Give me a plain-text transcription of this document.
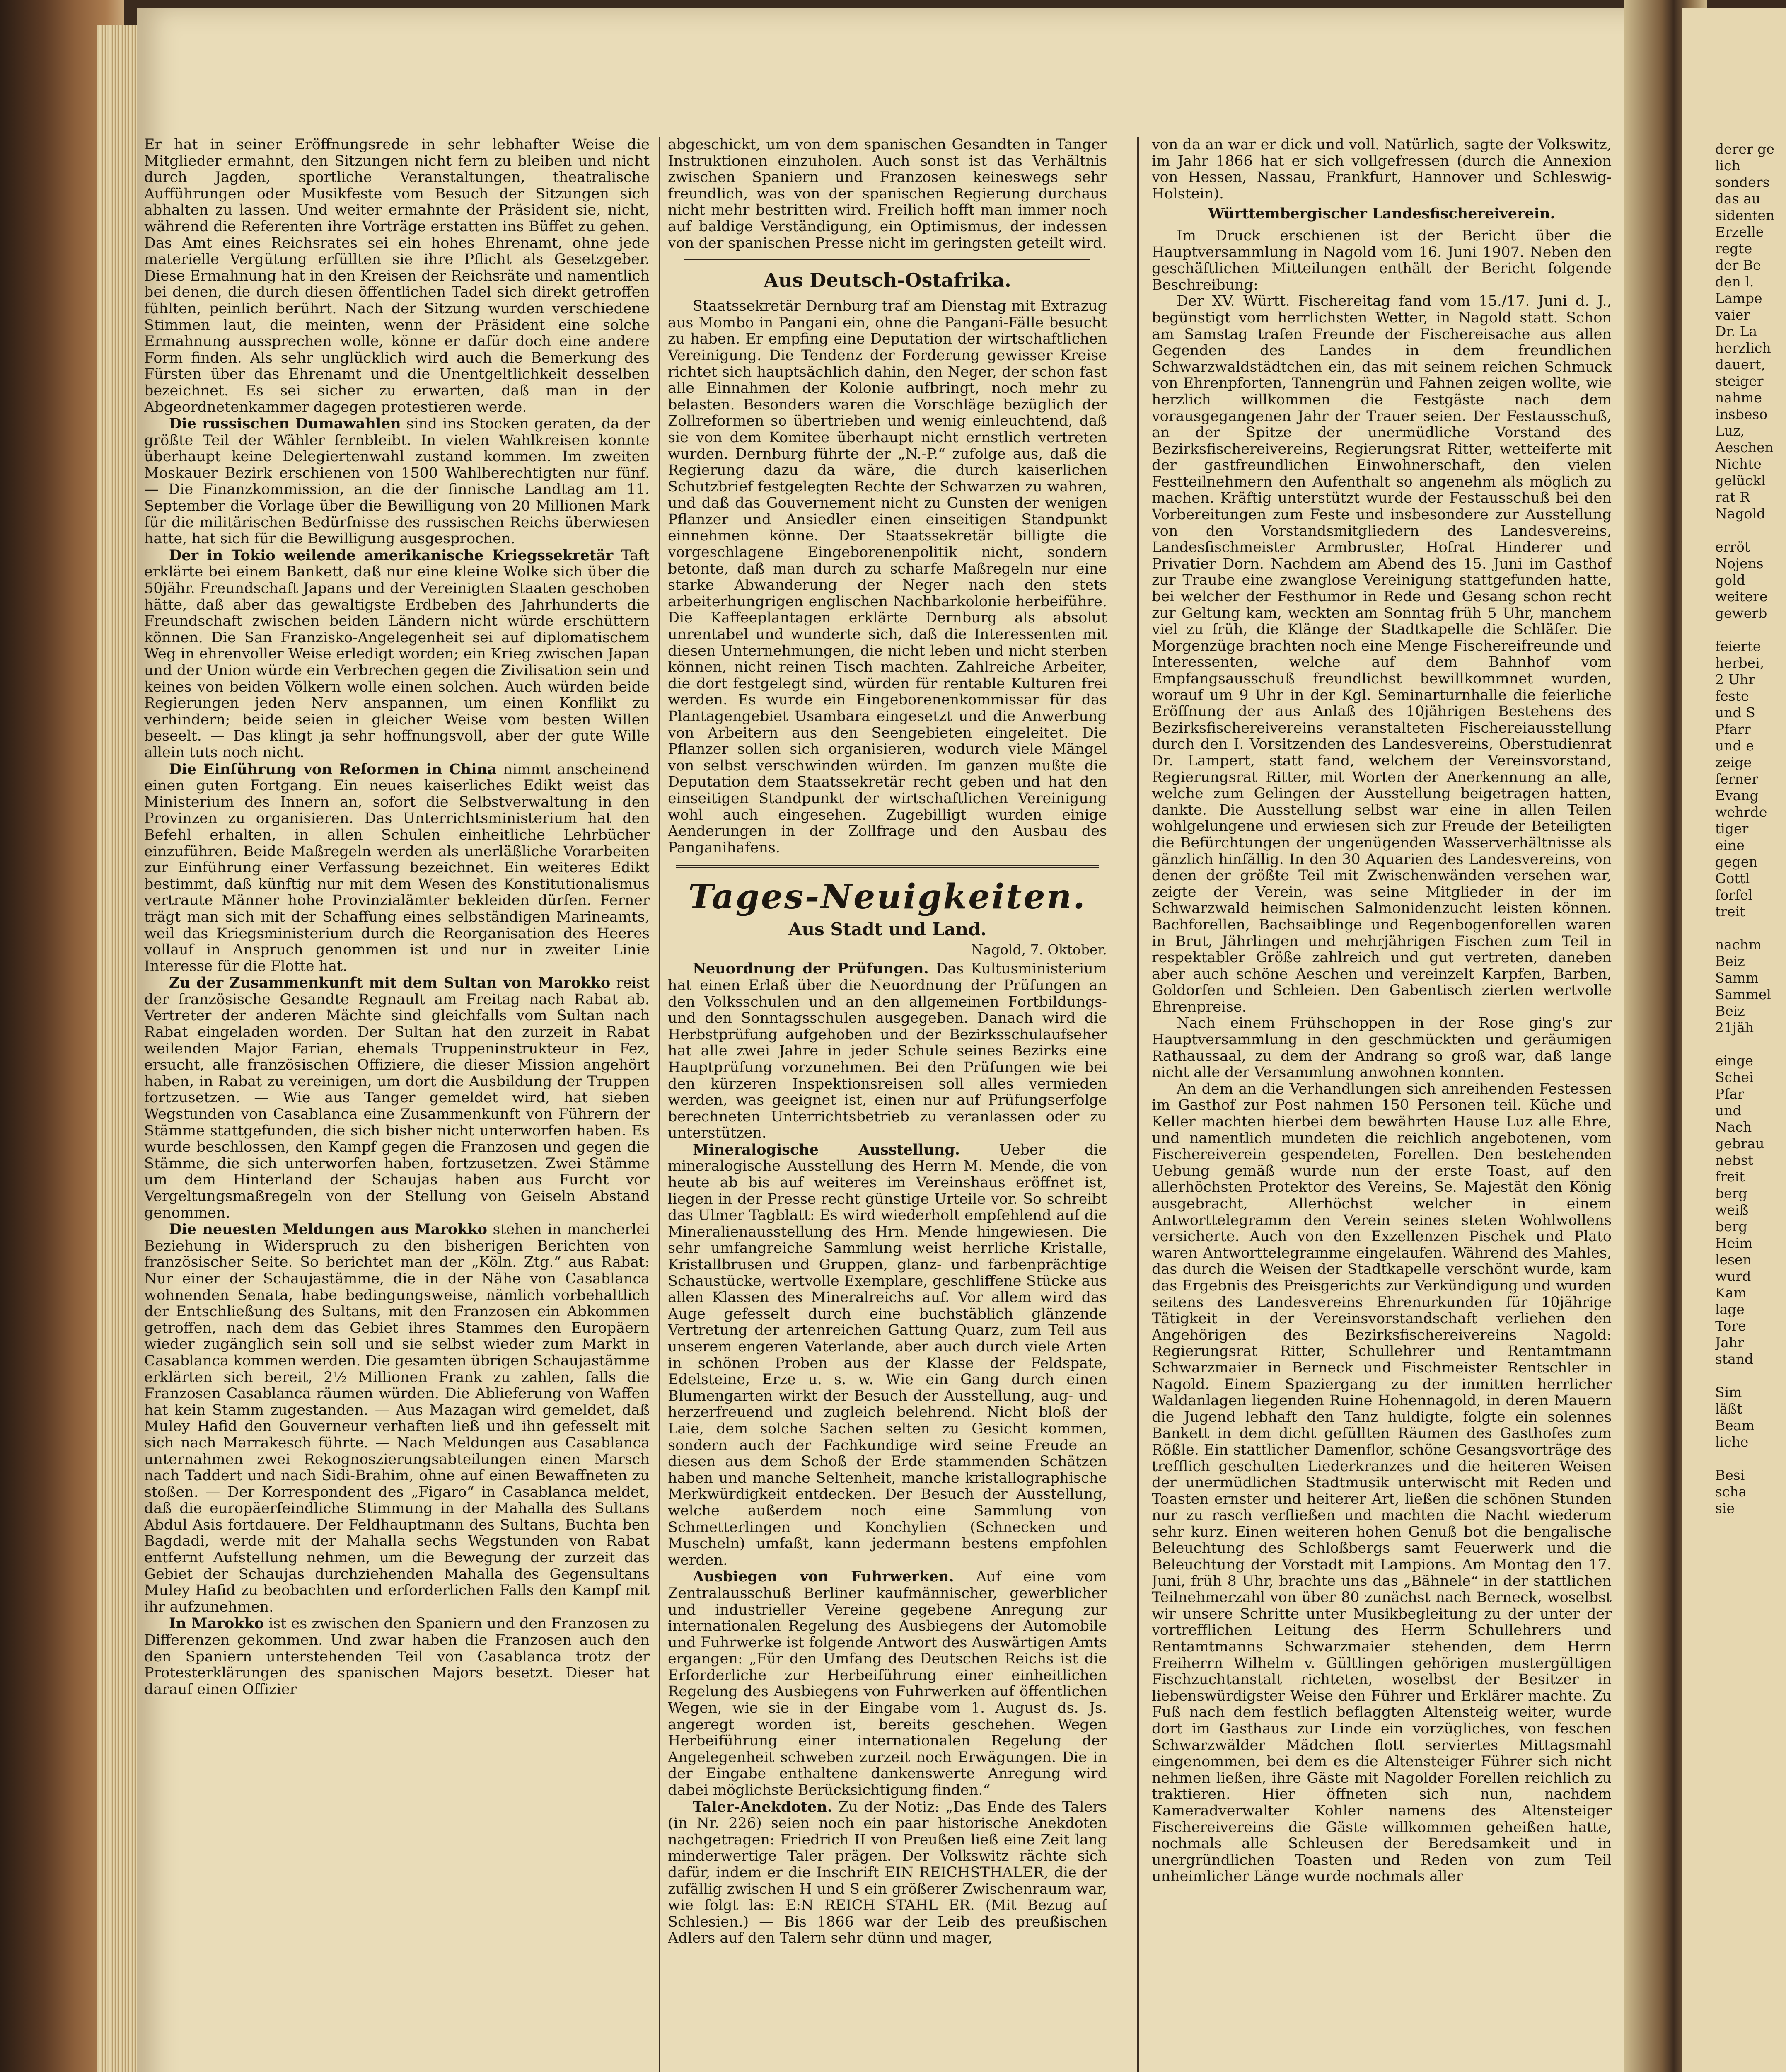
Er hat in seiner Eröffnungsrede in sehr lebhafter Weise die Mitglieder ermahnt, den Sitzungen nicht fern zu bleiben und nicht durch Jagden, sportliche Veranstaltungen, theatralische Aufführungen oder Musikfeste vom Besuch der Sitzungen sich abhalten zu lassen. Und weiter ermahnte der Präsident sie, nicht, während die Referenten ihre Vorträge erstatten ins Büffet zu gehen. Das Amt eines Reichsrates sei ein hohes Ehrenamt, ohne jede materielle Vergütung erfüllten sie ihre Pflicht als Gesetzgeber. Diese Ermahnung hat in den Kreisen der Reichsräte und namentlich bei denen, die durch diesen öffentlichen Tadel sich direkt getroffen fühlten, peinlich berührt. Nach der Sitzung wurden verschiedene Stimmen laut, die meinten, wenn der Präsident eine solche Ermahnung aussprechen wolle, könne er dafür doch eine andere Form finden. Als sehr unglücklich wird auch die Bemerkung des Fürsten über das Ehrenamt und die Unentgeltlichkeit desselben bezeichnet. Es sei sicher zu erwarten, daß man in der Abgeordnetenkammer dagegen protestieren werde.

Die russischen Dumawahlen sind ins Stocken geraten, da der größte Teil der Wähler fernbleibt. In vielen Wahlkreisen konnte überhaupt keine Delegiertenwahl zustand kommen. Im zweiten Moskauer Bezirk erschienen von 1500 Wahlberechtigten nur fünf. — Die Finanzkommission, an die der finnische Landtag am 11. September die Vorlage über die Bewilligung von 20 Millionen Mark für die militärischen Bedürfnisse des russischen Reichs überwiesen hatte, hat sich für die Bewilligung ausgesprochen.

Der in Tokio weilende amerikanische Kriegssekretär Taft erklärte bei einem Bankett, daß nur eine kleine Wolke sich über die 50jähr. Freundschaft Japans und der Vereinigten Staaten geschoben hätte, daß aber das gewaltigste Erdbeben des Jahrhunderts die Freundschaft zwischen beiden Ländern nicht würde erschüttern können. Die San Franzisko-Angelegenheit sei auf diplomatischem Weg in ehrenvoller Weise erledigt worden; ein Krieg zwischen Japan und der Union würde ein Verbrechen gegen die Zivilisation sein und keines von beiden Völkern wolle einen solchen. Auch würden beide Regierungen jeden Nerv anspannen, um einen Konflikt zu verhindern; beide seien in gleicher Weise vom besten Willen beseelt. — Das klingt ja sehr hoffnungsvoll, aber der gute Wille allein tuts noch nicht.

Die Einführung von Reformen in China nimmt anscheinend einen guten Fortgang. Ein neues kaiserliches Edikt weist das Ministerium des Innern an, sofort die Selbstverwaltung in den Provinzen zu organisieren. Das Unterrichtsministerium hat den Befehl erhalten, in allen Schulen einheitliche Lehrbücher einzuführen. Beide Maßregeln werden als unerläßliche Vorarbeiten zur Einführung einer Verfassung bezeichnet. Ein weiteres Edikt bestimmt, daß künftig nur mit dem Wesen des Konstitutionalismus vertraute Männer hohe Provinzialämter bekleiden dürfen. Ferner trägt man sich mit der Schaffung eines selbständigen Marineamts, weil das Kriegsministerium durch die Reorganisation des Heeres vollauf in Anspruch genommen ist und nur in zweiter Linie Interesse für die Flotte hat.

Zu der Zusammenkunft mit dem Sultan von Marokko reist der französische Gesandte Regnault am Freitag nach Rabat ab. Vertreter der anderen Mächte sind gleichfalls vom Sultan nach Rabat eingeladen worden. Der Sultan hat den zurzeit in Rabat weilenden Major Farian, ehemals Truppeninstrukteur in Fez, ersucht, alle französischen Offiziere, die dieser Mission angehört haben, in Rabat zu vereinigen, um dort die Ausbildung der Truppen fortzusetzen. — Wie aus Tanger gemeldet wird, hat sieben Wegstunden von Casablanca eine Zusammenkunft von Führern der Stämme stattgefunden, die sich bisher nicht unterworfen haben. Es wurde beschlossen, den Kampf gegen die Franzosen und gegen die Stämme, die sich unterworfen haben, fortzusetzen. Zwei Stämme um dem Hinterland der Schaujas haben aus Furcht vor Vergeltungsmaßregeln von der Stellung von Geiseln Abstand genommen.

Die neuesten Meldungen aus Marokko stehen in mancherlei Beziehung in Widerspruch zu den bisherigen Berichten von französischer Seite. So berichtet man der „Köln. Ztg.“ aus Rabat: Nur einer der Schaujastämme, die in der Nähe von Casablanca wohnenden Senata, habe bedingungsweise, nämlich vorbehaltlich der Entschließung des Sultans, mit den Franzosen ein Abkommen getroffen, nach dem das Gebiet ihres Stammes den Europäern wieder zugänglich sein soll und sie selbst wieder zum Markt in Casablanca kommen werden. Die gesamten übrigen Schaujastämme erklärten sich bereit, 2½ Millionen Frank zu zahlen, falls die Franzosen Casablanca räumen würden. Die Ablieferung von Waffen hat kein Stamm zugestanden. — Aus Mazagan wird gemeldet, daß Muley Hafid den Gouverneur verhaften ließ und ihn gefesselt mit sich nach Marrakesch führte. — Nach Meldungen aus Casablanca unternahmen zwei Rekognoszierungsabteilungen einen Marsch nach Taddert und nach Sidi-Brahim, ohne auf einen Bewaffneten zu stoßen. — Der Korrespondent des „Figaro“ in Casablanca meldet, daß die europäerfeindliche Stimmung in der Mahalla des Sultans Abdul Asis fortdauere. Der Feldhauptmann des Sultans, Buchta ben Bagdadi, werde mit der Mahalla sechs Wegstunden von Rabat entfernt Aufstellung nehmen, um die Bewegung der zurzeit das Gebiet der Schaujas durchziehenden Mahalla des Gegensultans Muley Hafid zu beobachten und erforderlichen Falls den Kampf mit ihr aufzunehmen.

In Marokko ist es zwischen den Spaniern und den Franzosen zu Differenzen gekommen. Und zwar haben die Franzosen auch den den Spaniern unterstehenden Teil von Casablanca trotz der Protesterklärungen des spanischen Majors besetzt. Dieser hat darauf einen Offizier

abgeschickt, um von dem spanischen Gesandten in Tanger Instruktionen einzuholen. Auch sonst ist das Verhältnis zwischen Spaniern und Franzosen keineswegs sehr freundlich, was von der spanischen Regierung durchaus nicht mehr bestritten wird. Freilich hofft man immer noch auf baldige Verständigung, ein Optimismus, der indessen von der spanischen Presse nicht im geringsten geteilt wird.

Aus Deutsch-Ostafrika.

Staatssekretär Dernburg traf am Dienstag mit Extrazug aus Mombo in Pangani ein, ohne die Pangani-Fälle besucht zu haben. Er empfing eine Deputation der wirtschaftlichen Vereinigung. Die Tendenz der Forderung gewisser Kreise richtet sich hauptsächlich dahin, den Neger, der schon fast alle Einnahmen der Kolonie aufbringt, noch mehr zu belasten. Besonders waren die Vorschläge bezüglich der Zollreformen so übertrieben und wenig einleuchtend, daß sie von dem Komitee überhaupt nicht ernstlich vertreten wurden. Dernburg führte der „N.-P.“ zufolge aus, daß die Regierung dazu da wäre, die durch kaiserlichen Schutzbrief festgelegten Rechte der Schwarzen zu wahren, und daß das Gouvernement nicht zu Gunsten der wenigen Pflanzer und Ansiedler einen einseitigen Standpunkt einnehmen könne. Der Staatssekretär billigte die vorgeschlagene Eingeborenenpolitik nicht, sondern betonte, daß man durch zu scharfe Maßregeln nur eine starke Abwanderung der Neger nach den stets arbeiterhungrigen englischen Nachbarkolonie herbeiführe. Die Kaffeeplantagen erklärte Dernburg als absolut unrentabel und wunderte sich, daß die Interessenten mit diesen Unternehmungen, die nicht leben und nicht sterben können, nicht reinen Tisch machten. Zahlreiche Arbeiter, die dort festgelegt sind, würden für rentable Kulturen frei werden. Es wurde ein Eingeborenenkommissar für das Plantagengebiet Usambara eingesetzt und die Anwerbung von Arbeitern aus den Seengebieten eingeleitet. Die Pflanzer sollen sich organisieren, wodurch viele Mängel von selbst verschwinden würden. Im ganzen mußte die Deputation dem Staatssekretär recht geben und hat den einseitigen Standpunkt der wirtschaftlichen Vereinigung wohl auch eingesehen. Zugebilligt wurden einige Aenderungen in der Zollfrage und den Ausbau des Panganihafens.

Tages-Neuigkeiten.
Aus Stadt und Land.
Nagold, 7. Oktober.

Neuordnung der Prüfungen. Das Kultusministerium hat einen Erlaß über die Neuordnung der Prüfungen an den Volksschulen und an den allgemeinen Fortbildungs- und den Sonntagsschulen ausgegeben. Danach wird die Herbstprüfung aufgehoben und der Bezirksschulaufseher hat alle zwei Jahre in jeder Schule seines Bezirks eine Hauptprüfung vorzunehmen. Bei den Prüfungen wie bei den kürzeren Inspektionsreisen soll alles vermieden werden, was geeignet ist, einen nur auf Prüfungserfolge berechneten Unterrichtsbetrieb zu veranlassen oder zu unterstützen.

Mineralogische Ausstellung.	Ueber die mineralogische Ausstellung des Herrn M. Mende, die von heute ab bis auf weiteres im Vereinshaus eröffnet ist, liegen in der Presse recht günstige Urteile vor. So schreibt das Ulmer Tagblatt: Es wird wiederholt empfehlend auf die Mineralienausstellung des Hrn. Mende hingewiesen. Die sehr umfangreiche Sammlung weist herrliche Kristalle, Kristallbrusen und Gruppen, glanz- und farbenprächtige Schaustücke, wertvolle Exemplare, geschliffene Stücke aus allen Klassen des Mineralreichs auf. Vor allem wird das Auge gefesselt durch eine buchstäblich glänzende Vertretung der artenreichen Gattung Quarz, zum Teil aus unserem engeren Vaterlande, aber auch durch viele Arten in schönen Proben aus der Klasse der Feldspate, Edelsteine, Erze u. s. w. Wie ein Gang durch einen Blumengarten wirkt der Besuch der Ausstellung, aug- und herzerfreuend und zugleich belehrend. Nicht bloß der Laie, dem solche Sachen selten zu Gesicht kommen, sondern auch der Fachkundige wird seine Freude an diesen aus dem Schoß der Erde stammenden Schätzen haben und manche Seltenheit, manche kristallographische Merkwürdigkeit entdecken. Der Besuch der Ausstellung, welche außerdem noch eine Sammlung von Schmetterlingen und Konchylien (Schnecken und Muscheln) umfaßt, kann jedermann bestens empfohlen werden.

Ausbiegen von Fuhrwerken. Auf eine vom Zentralausschuß Berliner kaufmännischer, gewerblicher und industrieller Vereine gegebene Anregung zur internationalen Regelung des Ausbiegens der Automobile und Fuhrwerke ist folgende Antwort des Auswärtigen Amts ergangen: „Für den Umfang des Deutschen Reichs ist die Erforderliche zur Herbeiführung einer einheitlichen Regelung des Ausbiegens von Fuhrwerken auf öffentlichen Wegen, wie sie in der Eingabe vom 1. August ds. Js. angeregt worden ist, bereits geschehen. Wegen Herbeiführung einer internationalen Regelung der Angelegenheit schweben zurzeit noch Erwägungen. Die in der Eingabe enthaltene dankenswerte Anregung wird dabei möglichste Berücksichtigung finden.“

Taler-Anekdoten. Zu der Notiz: „Das Ende des Talers (in Nr. 226) seien noch ein paar historische Anekdoten nachgetragen: Friedrich II von Preußen ließ eine Zeit lang minderwertige Taler prägen. Der Volkswitz rächte sich dafür, indem er die Inschrift EIN REICHSTHALER, die der zufällig zwischen H und S ein größerer Zwischenraum war, wie folgt las: E:N REICH STAHL ER. (Mit Bezug auf Schlesien.) — Bis 1866 war der Leib des preußischen Adlers auf den Talern sehr dünn und mager,

von da an war er dick und voll. Natürlich, sagte der Volkswitz, im Jahr 1866 hat er sich vollgefressen (durch die Annexion von Hessen, Nassau, Frankfurt, Hannover und Schleswig-Holstein).

Württembergischer Landesfischereiverein.

Im Druck erschienen ist der Bericht über die Hauptversammlung in Nagold vom 16. Juni 1907. Neben den geschäftlichen Mitteilungen enthält der Bericht folgende Beschreibung:

Der XV. Württ. Fischereitag fand vom 15./17. Juni d. J., begünstigt vom herrlichsten Wetter, in Nagold statt. Schon am Samstag trafen Freunde der Fischereisache aus allen Gegenden des Landes in dem freundlichen Schwarzwaldstädtchen ein, das mit seinem reichen Schmuck von Ehrenpforten, Tannengrün und Fahnen zeigen wollte, wie herzlich willkommen die Festgäste nach dem vorausgegangenen Jahr der Trauer seien. Der Festausschuß, an der Spitze der unermüdliche Vorstand des Bezirksfischereivereins, Regierungsrat Ritter, wetteiferte mit der gastfreundlichen Einwohnerschaft, den vielen Festteilnehmern den Aufenthalt so angenehm als möglich zu machen. Kräftig unterstützt wurde der Festausschuß bei den Vorbereitungen zum Feste und insbesondere zur Ausstellung von den Vorstandsmitgliedern des Landesvereins, Landesfischmeister Armbruster, Hofrat Hinderer und Privatier Dorn. Nachdem am Abend des 15. Juni im Gasthof zur Traube eine zwanglose Vereinigung stattgefunden hatte, bei welcher der Festhumor in Rede und Gesang schon recht zur Geltung kam, weckten am Sonntag früh 5 Uhr, manchem viel zu früh, die Klänge der Stadtkapelle die Schläfer. Die Morgenzüge brachten noch eine Menge Fischereifreunde und Interessenten, welche auf dem Bahnhof vom Empfangsausschuß freundlichst bewillkommnet wurden, worauf um 9 Uhr in der Kgl. Seminarturnhalle die feierliche Eröffnung der aus Anlaß des 10jährigen Bestehens des Bezirksfischereivereins veranstalteten Fischereiausstellung durch den I. Vorsitzenden des Landesvereins, Oberstudienrat Dr. Lampert, statt fand, welchem der Vereinsvorstand, Regierungsrat Ritter, mit Worten der Anerkennung an alle, welche zum Gelingen der Ausstellung beigetragen hatten, dankte. Die Ausstellung selbst war eine in allen Teilen wohlgelungene und erwiesen sich zur Freude der Beteiligten die Befürchtungen der ungenügenden Wasserverhältnisse als gänzlich hinfällig. In den 30 Aquarien des Landesvereins, von denen der größte Teil mit Zwischenwänden versehen war, zeigte der Verein, was seine Mitglieder in der im Schwarzwald heimischen Salmonidenzucht leisten können. Bachforellen, Bachsaiblinge und Regenbogenforellen waren in Brut, Jährlingen und mehrjährigen Fischen zum Teil in respektabler Größe zahlreich und gut vertreten, daneben aber auch schöne Aeschen und vereinzelt Karpfen, Barben, Goldorfen und Schleien. Den Gabentisch zierten wertvolle Ehrenpreise.

Nach einem Frühschoppen in der Rose ging's zur Hauptversammlung in den geschmückten und geräumigen Rathaussaal, zu dem der Andrang so groß war, daß lange nicht alle der Versammlung anwohnen konnten.

An dem an die Verhandlungen sich anreihenden Festessen im Gasthof zur Post nahmen 150 Personen teil. Küche und Keller machten hierbei dem bewährten Hause Luz alle Ehre, und namentlich mundeten die reichlich angebotenen, vom Fischereiverein gespendeten, Forellen. Den bestehenden Uebung gemäß wurde nun der erste Toast, auf den allerhöchsten Protektor des Vereins, Se. Majestät den König ausgebracht, Allerhöchst welcher in einem Antworttelegramm den Verein seines steten Wohlwollens versicherte. Auch von den Exzellenzen Pischek und Plato waren Antworttelegramme eingelaufen. Während des Mahles, das durch die Weisen der Stadtkapelle verschönt wurde, kam das Ergebnis des Preisgerichts zur Verkündigung und wurden seitens des Landesvereins Ehrenurkunden für 10jährige Tätigkeit in der Vereinsvorstandschaft verliehen den Angehörigen des Bezirksfischereivereins Nagold: Regierungsrat Ritter, Schullehrer und Rentamtmann Schwarzmaier in Berneck und Fischmeister Rentschler in Nagold. Einem Spaziergang zu der inmitten herrlicher Waldanlagen liegenden Ruine Hohennagold, in deren Mauern die Jugend lebhaft den Tanz huldigte, folgte ein solennes Bankett in dem dicht gefüllten Räumen des Gasthofes zum Rößle. Ein stattlicher Damenflor, schöne Gesangsvorträge des trefflich geschulten Liederkranzes und die heiteren Weisen der unermüdlichen Stadtmusik unterwischt mit Reden und Toasten ernster und heiterer Art, ließen die schönen Stunden nur zu rasch verfließen und machten die Nacht wiederum sehr kurz. Einen weiteren hohen Genuß bot die bengalische Beleuchtung des Schloßbergs samt Feuerwerk und die Beleuchtung der Vorstadt mit Lampions. Am Montag den 17. Juni, früh 8 Uhr, brachte uns das „Bähnele“ in der stattlichen Teilnehmerzahl von über 80 zunächst nach Berneck, woselbst wir unsere Schritte unter Musikbegleitung zu der unter der vortrefflichen Leitung des Herrn Schullehrers und Rentamtmanns Schwarzmaier stehenden, dem Herrn Freiherrn Wilhelm v. Gültlingen gehörigen mustergültigen Fischzuchtanstalt richteten, woselbst der Besitzer in liebenswürdigster Weise den Führer und Erklärer machte. Zu Fuß nach dem festlich beflaggten Altensteig weiter, wurde dort im Gasthaus zur Linde ein vorzügliches, von feschen Schwarzwälder Mädchen flott serviertes Mittagsmahl eingenommen, bei dem es die Altensteiger Führer sich nicht nehmen ließen, ihre Gäste mit Nagolder Forellen reichlich zu traktieren. Hier öffneten sich nun, nachdem Kameradverwalter Kohler namens des Altensteiger Fischereivereins die Gäste willkommen geheißen hatte, nochmals alle Schleusen der Beredsamkeit und in unergründlichen Toasten und Reden von zum Teil unheimlicher Länge wurde nochmals aller

derer ge
lich
sonders
das au
sidenten
Erzelle
regte
der Be
den l.
Lampe
vaier
Dr. La
herzlich
dauert,
steiger
nahme
insbeso
Luz,
Aeschen
Nichte
gelückl
rat R
Nagold
erröt
Nojens
gold
weitere
gewerb
feierte
herbei,
2 Uhr
feste
und S
Pfarr
und e
zeige
ferner
Evang
wehrde
tiger
eine
gegen
Gottl
forfel
treit
nachm
Beiz
Samm
Sammel
Beiz
21jäh
einge
Schei
Pfar
und
Nach
gebrau
nebst
freit
berg
weiß
berg
Heim
lesen
wurd
Kam
lage
Tore
Jahr
stand
Sim
läßt
Beam
liche
Besi
scha
sie
